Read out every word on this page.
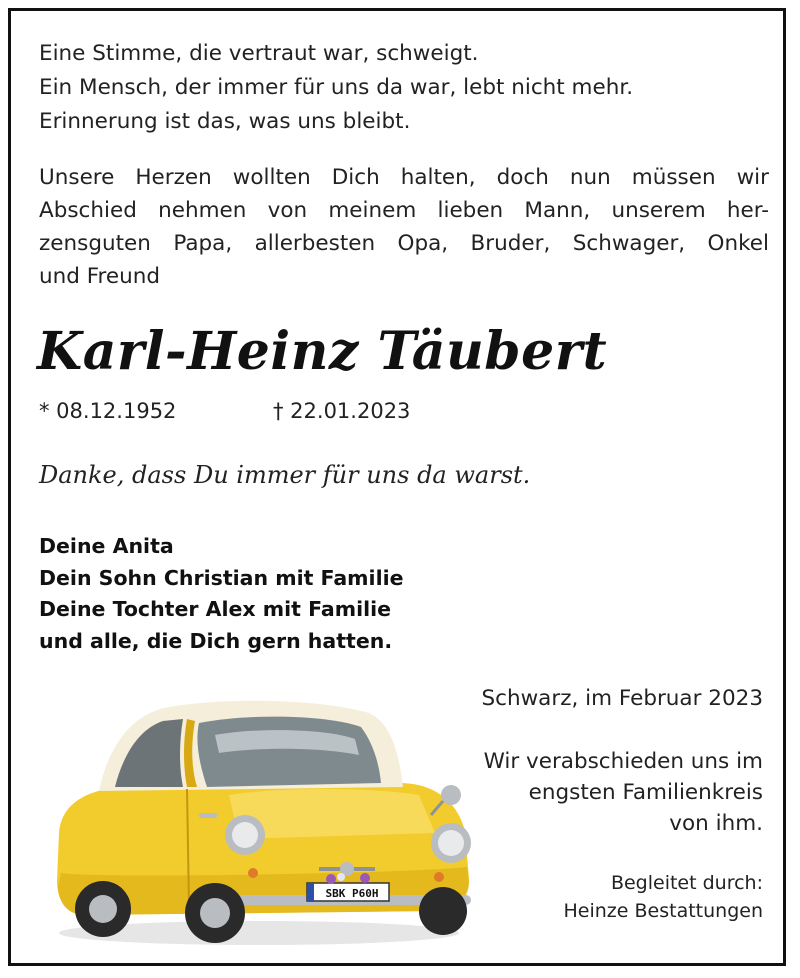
Eine Stimme, die vertraut war, schweigt.
Ein Mensch, der immer für uns da war, lebt nicht mehr.
Erinnerung ist das, was uns bleibt.
Unsere Herzen wollten Dich halten, doch nun müssen wir
Abschied nehmen von meinem lieben Mann, unserem her-
zensguten Papa, allerbesten Opa, Bruder, Schwager, Onkel
und Freund
Karl-Heinz Täubert
* 08.12.1952	† 22.01.2023
Danke, dass Du immer für uns da warst.
Deine Anita
Dein Sohn Christian mit Familie
Deine Tochter Alex mit Familie
und alle, die Dich gern hatten.
Schwarz, im Februar 2023
Wir verabschieden uns im
engsten Familienkreis
von ihm.
Begleitet durch:
Heinze Bestattungen
SBK P60H
